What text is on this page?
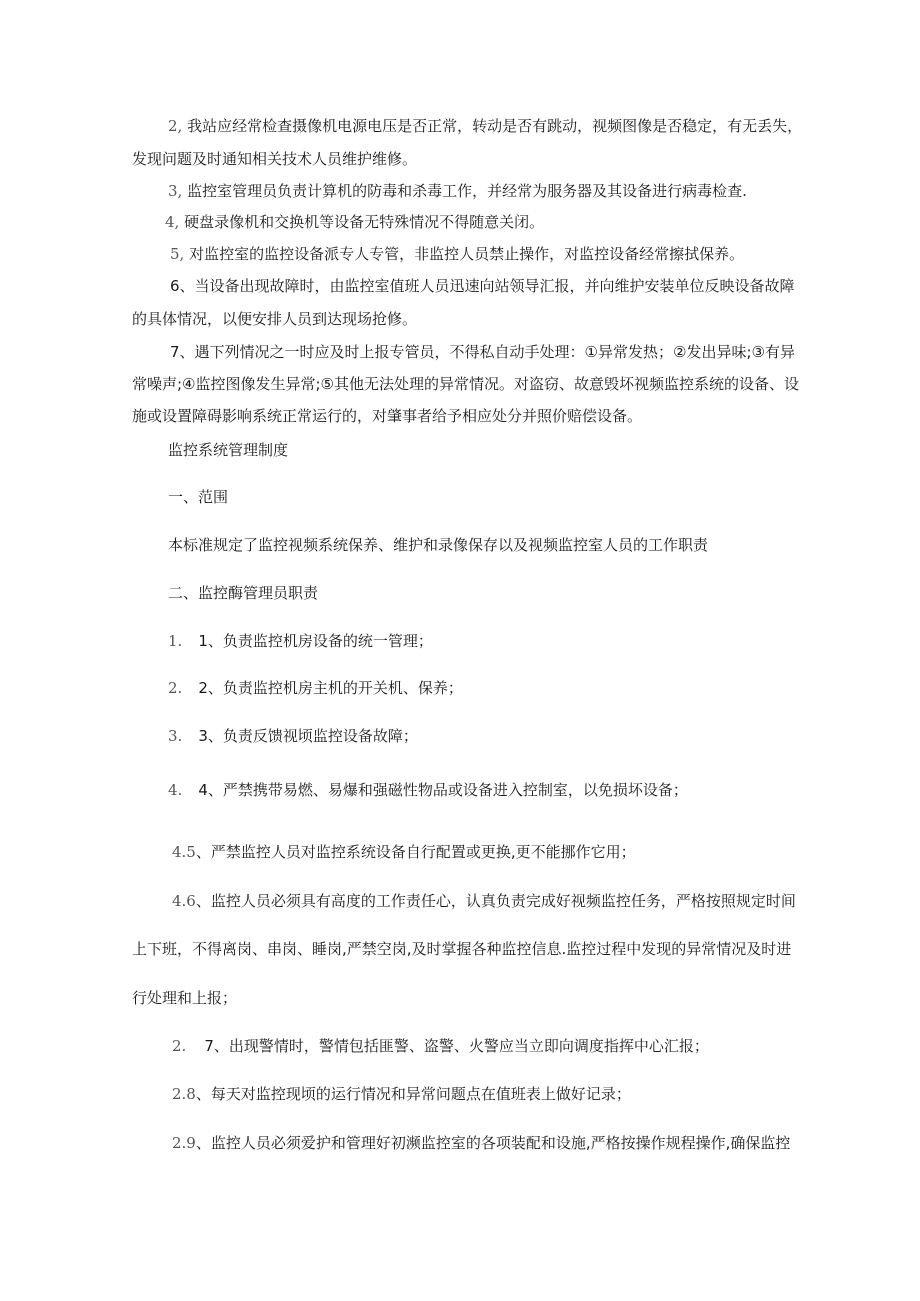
2, 我站应经常检查摄像机电源电压是否正常，转动是否有跳动，视频图像是否稳定，有无丢失，
发现问题及时通知相关技术人员维护维修。
3, 监控室管理员负责计算机的防毒和杀毒工作，并经常为服务器及其设备进行病毒检查.
4, 硬盘录像机和交换机等设备无特殊情况不得随意关闭。
5, 对监控室的监控设备派专人专管，非监控人员禁止操作，对监控设备经常擦拭保养。
6、当设备出现故障时，由监控室值班人员迅速向站领导汇报，并向维护安装单位反映设备故障
的具体情况，以便安排人员到达现场抢修。
7、遇下列情况之一时应及时上报专管员，不得私自动手处理：①异常发热；②发出异味;③有异
常噪声;④监控图像发生异常;⑤其他无法处理的异常情况。对盗窃、故意毁坏视频监控系统的设备、设
施或设置障碍影响系统正常运行的，对肇事者给予相应处分并照价赔偿设备。
监控系统管理制度
一、范围
本标准规定了监控视频系统保养、维护和录像保存以及视频监控室人员的工作职责
二、监控酶管理员职责
1. 1、负责监控机房设备的统一管理；
2. 2、负责监控机房主机的开关机、保养；
3. 3、负责反馈视顷监控设备故障；
4. 4、严禁携带易燃、易爆和强磁性物品或设备进入控制室，以免损坏设备；
4.5、严禁监控人员对监控系统设备自行配置或更换,更不能挪作它用；
4.6、监控人员必须具有高度的工作责任心，认真负责完成好视频监控任务，严格按照规定时间
上下班，不得离岗、串岗、睡岗,严禁空岗,及时掌握各种监控信息.监控过程中发现的异常情况及时进
行处理和上报；
2. 7、出现警情时，警情包括匪警、盗警、火警应当立即向调度指挥中心汇报；
2.8、每天对监控现顷的运行情况和异常问题点在值班表上做好记录；
2.9、监控人员必须爱护和管理好初濒监控室的各项装配和设施,严格按操作规程操作,确保监控
